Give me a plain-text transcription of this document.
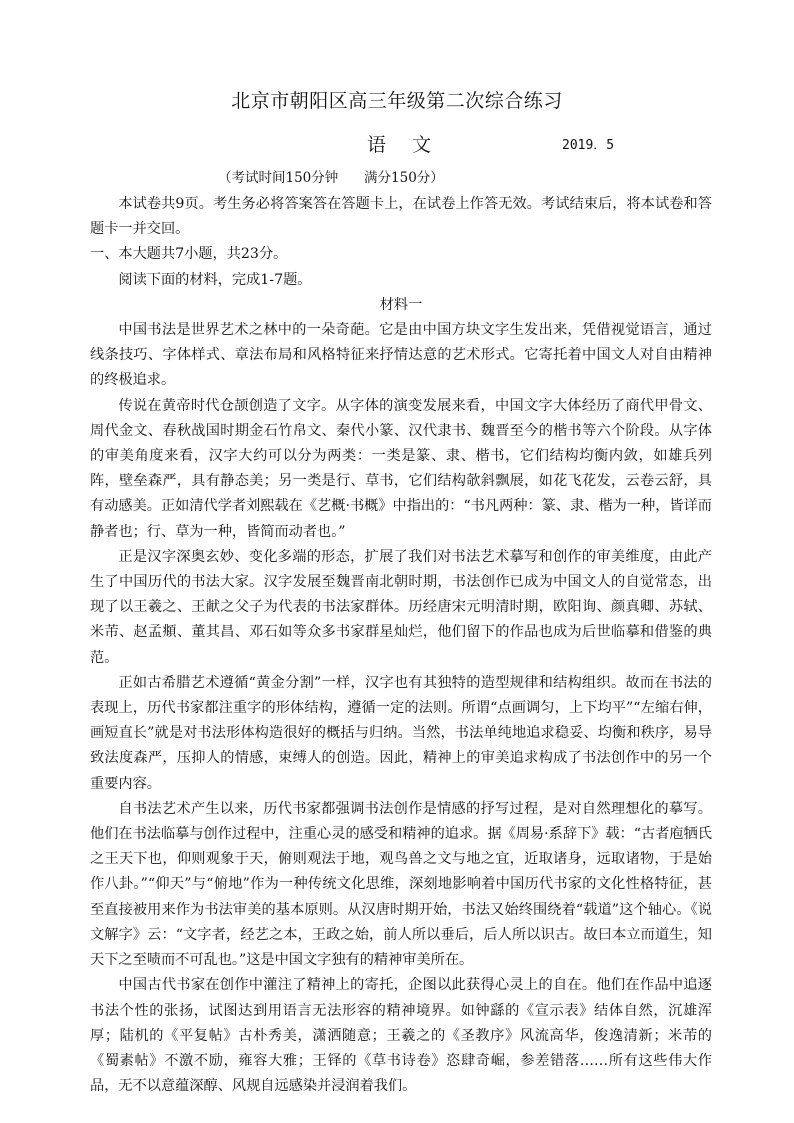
北京市朝阳区高三年级第二次综合练习
语 文	2019．5
（考试时间150分钟      满分150分）

本试卷共9页。考生务必将答案答在答题卡上，在试卷上作答无效。考试结束后，将本试卷和答题卡一并交回。

一、本大题共7小题，共23分。

阅读下面的材料，完成1-7题。

材料一

中国书法是世界艺术之林中的一朵奇葩。它是由中国方块文字生发出来，凭借视觉语言，通过线条技巧、字体样式、章法布局和风格特征来抒情达意的艺术形式。它寄托着中国文人对自由精神的终极追求。

传说在黄帝时代仓颉创造了文字。从字体的演变发展来看，中国文字大体经历了商代甲骨文、周代金文、春秋战国时期金石竹帛文、秦代小篆、汉代隶书、魏晋至今的楷书等六个阶段。从字体的审美角度来看，汉字大约可以分为两类：一类是篆、隶、楷书，它们结构均衡内敛，如雄兵列阵，壁垒森严，具有静态美；另一类是行、草书，它们结构欹斜飘展，如花飞花发，云卷云舒，具有动感美。正如清代学者刘熙载在《艺概·书概》中指出的：“书凡两种：篆、隶、楷为一种，皆详而静者也；行、草为一种，皆简而动者也。”

正是汉字深奥玄妙、变化多端的形态，扩展了我们对书法艺术摹写和创作的审美维度，由此产生了中国历代的书法大家。汉字发展至魏晋南北朝时期，书法创作已成为中国文人的自觉常态，出现了以王羲之、王献之父子为代表的书法家群体。历经唐宋元明清时期，欧阳询、颜真卿、苏轼、米芾、赵孟頫、董其昌、邓石如等众多书家群星灿烂，他们留下的作品也成为后世临摹和借鉴的典范。

正如古希腊艺术遵循“黄金分割”一样，汉字也有其独特的造型规律和结构组织。故而在书法的表现上，历代书家都注重字的形体结构，遵循一定的法则。所谓“点画调匀，上下均平”“左缩右伸，画短直长”就是对书法形体构造很好的概括与归纳。当然，书法单纯地追求稳妥、均衡和秩序，易导致法度森严，压抑人的情感，束缚人的创造。因此，精神上的审美追求构成了书法创作中的另一个重要内容。

自书法艺术产生以来，历代书家都强调书法创作是情感的抒写过程，是对自然理想化的摹写。他们在书法临摹与创作过程中，注重心灵的感受和精神的追求。据《周易·系辞下》载：“古者庖牺氏之王天下也，仰则观象于天，俯则观法于地，观鸟兽之文与地之宜，近取诸身，远取诸物，于是始作八卦。”“仰天”与“俯地”作为一种传统文化思维，深刻地影响着中国历代书家的文化性格特征，甚至直接被用来作为书法审美的基本原则。从汉唐时期开始，书法又始终围绕着“载道”这个轴心。《说文解字》云：“文字者，经艺之本，王政之始，前人所以垂后，后人所以识古。故曰本立而道生，知天下之至啧而不可乱也。”这是中国文字独有的精神审美所在。

中国古代书家在创作中灌注了精神上的寄托，企图以此获得心灵上的自在。他们在作品中追逐书法个性的张扬，试图达到用语言无法形容的精神境界。如钟繇的《宣示表》结体自然，沉雄浑厚；陆机的《平复帖》古朴秀美，潇洒随意；王羲之的《圣教序》风流高华，俊逸清新；米芾的《蜀素帖》不激不励，雍容大雅；王铎的《草书诗卷》恣肆奇崛，参差错落……所有这些伟大作品，无不以意蕴深醇、风规自远感染并浸润着我们。
